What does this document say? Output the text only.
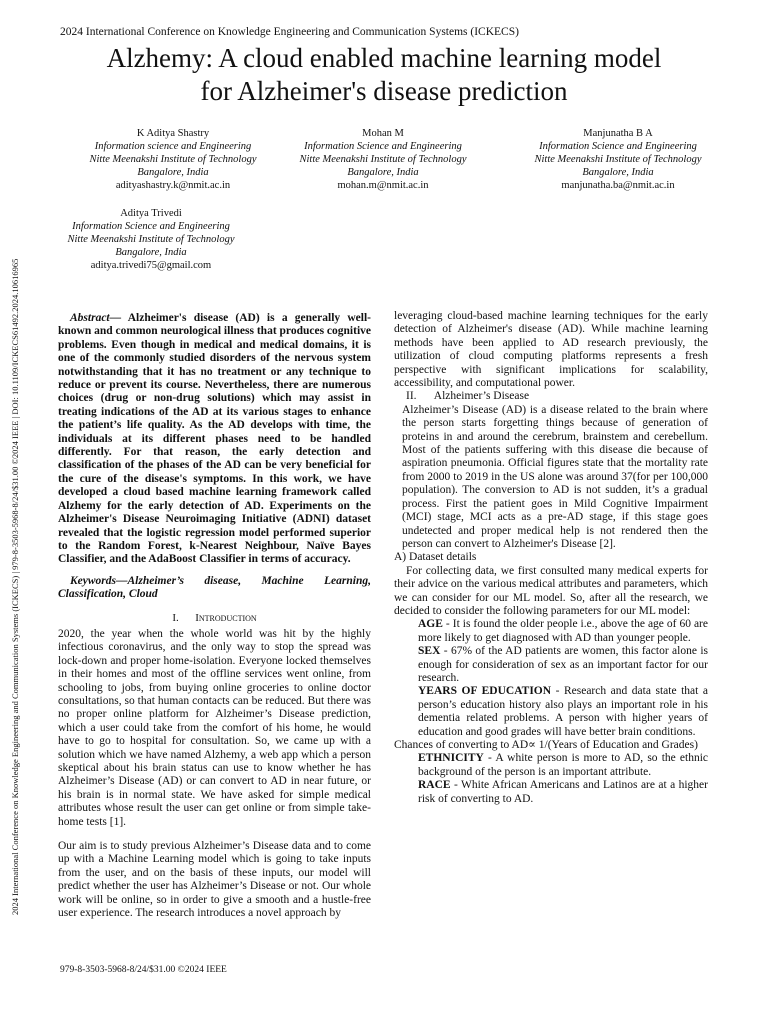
2024 International Conference on Knowledge Engineering and Communication Systems (ICKECS)
Alzhemy: A cloud enabled machine learning model
for Alzheimer's disease prediction
K Aditya Shastry
Information science and Engineering
Nitte Meenakshi Institute of Technology
Bangalore, India
adityashastry.k@nmit.ac.in
Mohan M
Information Science and Engineering
Nitte Meenakshi Institute of Technology
Bangalore, India
mohan.m@nmit.ac.in
Manjunatha B A
Information Science and Engineering
Nitte Meenakshi Institute of Technology
Bangalore, India
manjunatha.ba@nmit.ac.in
Aditya Trivedi
Information Science and Engineering
Nitte Meenakshi Institute of Technology
Bangalore, India
aditya.trivedi75@gmail.com
2024 International Conference on Knowledge Engineering and Communication Systems (ICKECS) | 979-8-3503-5968-8/24/$31.00 ©2024 IEEE | DOI: 10.1109/ICKECS61492.2024.10616965	Abstract— Alzheimer's disease (AD) is a generally well-known and common neurological illness that produces cognitive problems. Even though in medical and medical domains, it is one of the commonly studied disorders of the nervous system notwithstanding that it has no treatment or any technique to reduce or prevent its course. Nevertheless, there are numerous choices (drug or non-drug solutions) which may assist in treating indications of the AD at its various stages to enhance the patient’s life quality. As the AD develops with time, the individuals at its different phases need to be handled differently. For that reason, the early detection and classification of the phases of the AD can be very beneficial for the cure of the disease's symptoms. In this work, we have developed a cloud based machine learning framework called Alzhemy for the early detection of AD. Experiments on the Alzheimer's Disease Neuroimaging Initiative (ADNI) dataset revealed that the logistic regression model performed superior to the Random Forest, k-Nearest Neighbour, Naïve Bayes Classifier, and the AdaBoost Classifier in terms of accuracy.

Keywords—Alzheimer’s disease, Machine Learning, Classification, Cloud

I. Introduction

2020, the year when the whole world was hit by the highly infectious coronavirus, and the only way to stop the spread was lock-down and proper home-isolation. Everyone locked themselves in their homes and most of the offline services went online, from schooling to jobs, from buying online groceries to online doctor consultations, so that human contacts can be reduced. But there was no proper online platform for Alzheimer’s Disease prediction, which a user could take from the comfort of his home, he would have to go to hospital for consultation. So, we came up with a solution which we have named Alzhemy, a web app which a person skeptical about his brain status can use to know whether he has Alzheimer’s Disease (AD) or can convert to AD in near future, or his brain is in normal state. We have asked for simple medical attributes whose result the user can get online or from simple take-home tests [1].

Our aim is to study previous Alzheimer’s Disease data and to come up with a Machine Learning model which is going to take inputs from the user, and on the basis of these inputs, our model will predict whether the user has Alzheimer’s Disease or not. Our whole work will be online, so in order to give a smooth and a hustle-free user experience. The research introduces a novel approach by

leveraging cloud-based machine learning techniques for the early detection of Alzheimer's disease (AD). While machine learning methods have been applied to AD research previously, the utilization of cloud computing platforms represents a fresh perspective with significant implications for scalability, accessibility, and computational power.

II. Alzheimer’s Disease

Alzheimer’s Disease (AD) is a disease related to the brain where the person starts forgetting things because of generation of proteins in and around the cerebrum, brainstem and cerebellum. Most of the patients suffering with this disease die because of aspiration pneumonia. Official figures state that the mortality rate from 2000 to 2019 in the US alone was around 37(for per 100,000 population). The conversion to AD is not sudden, it’s a gradual process. First the patient goes in Mild Cognitive Impairment (MCI) stage, MCI acts as a pre-AD stage, if this stage goes undetected and proper medical help is not rendered then the person can convert to Alzheimer's Disease [2].

A) Dataset details

For collecting data, we first consulted many medical experts for their advice on the various medical attributes and parameters, which we can consider for our ML model. So, after all the research, we decided to consider the following parameters for our ML model:

AGE - It is found the older people i.e., above the age of 60 are more likely to get diagnosed with AD than younger people.

SEX - 67% of the AD patients are women, this factor alone is enough for consideration of sex as an important factor for our research.

YEARS OF EDUCATION - Research and data state that a person’s education history also plays an important role in his dementia related problems. A person with higher years of education and good grades will have better brain conditions.

Chances of converting to AD∝ 1/(Years of Education and Grades)

ETHNICITY - A white person is more to AD, so the ethnic background of the person is an important attribute.

RACE - White African Americans and Latinos are at a higher risk of converting to AD.

979-8-3503-5968-8/24/$31.00 ©2024 IEEE
